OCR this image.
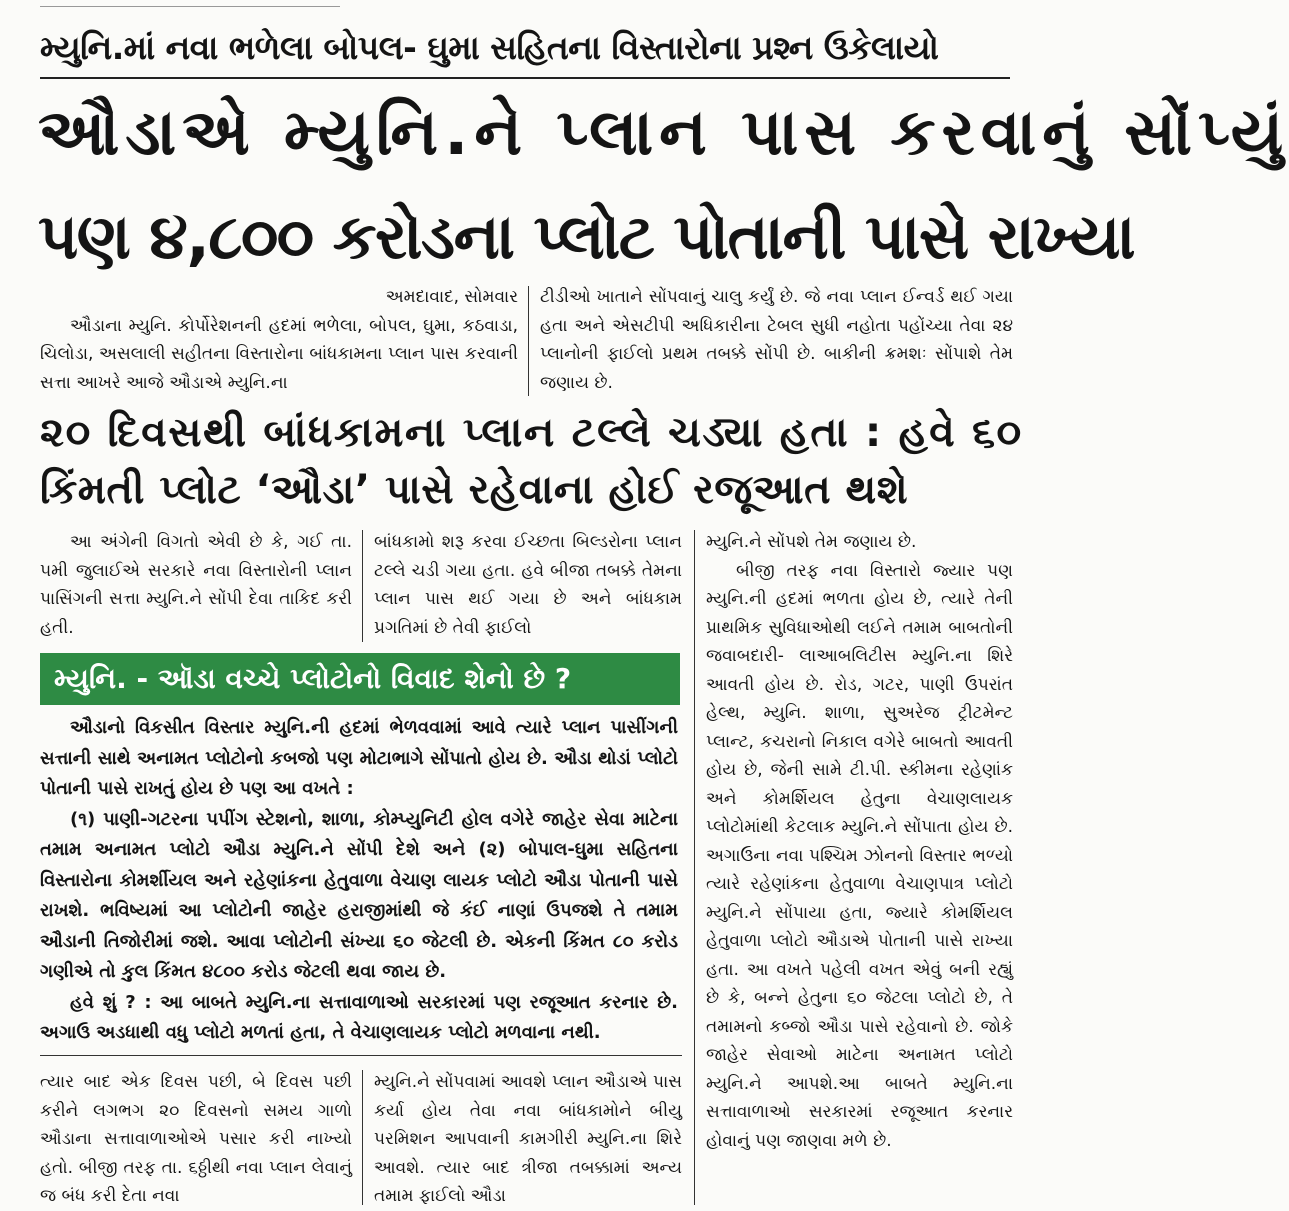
મ્યુનિ.માં નવા ભળેલા બોપલ- ઘુમા સહિતના વિસ્તારોના પ્રશ્ન ઉકેલાયો
ઔડાએ મ્યુનિ.ને પ્લાન પાસ કરવાનું સોંપ્યું
પણ ૪,૮૦૦ કરોડના પ્લોટ પોતાની પાસે રાખ્યા

અમદાવાદ, સોમવાર

ઔડાના મ્યુનિ. કોર્પોરેશનની હદમાં ભળેલા, બોપલ, ઘુમા, કઠવાડા, ચિલોડા, અસલાલી સહીતના વિસ્તારોના બાંધકામના પ્લાન પાસ કરવાની સત્તા આખરે આજે ઔડાએ મ્યુનિ.ના

ટીડીઓ ખાતાને સોંપવાનું ચાલુ કર્યું છે. જે નવા પ્લાન ઈન્વર્ડ થઈ ગયા હતા અને એસટીપી અધિકારીના ટેબલ સુધી નહોતા પહોંચ્યા તેવા ૨૪ પ્લાનોની ફાઈલો પ્રથમ તબક્કે સોંપી છે. બાકીની ક્રમશઃ સોંપાશે તેમ જણાય છે.

૨૦ દિવસથી બાંધકામના પ્લાન ટલ્લે ચડ્યા હતા : હવે ૬૦
કિંમતી પ્લોટ ‘ઔડા’ પાસે રહેવાના હોઈ રજૂઆત થશે

આ અંગેની વિગતો એવી છે કે, ગઈ તા. ૫મી જુલાઈએ સરકારે નવા વિસ્તારોની પ્લાન પાસિંગની સત્તા મ્યુનિ.ને સોંપી દેવા તાકિદ કરી હતી.

બાંધકામો શરૂ કરવા ઈચ્છતા બિલ્ડરોના પ્લાન ટલ્લે ચડી ગયા હતા. હવે બીજા તબક્કે તેમના પ્લાન પાસ થઈ ગયા છે અને બાંધકામ પ્રગતિમાં છે તેવી ફાઈલો

મ્યુનિ.ને સોંપશે તેમ જણાય છે.

બીજી તરફ નવા વિસ્તારો જ્યાર પણ મ્યુનિ.ની હદમાં ભળતા હોય છે, ત્યારે તેની પ્રાથમિક સુવિધાઓથી લઈને તમામ બાબતોની જવાબદારી- લાઆબલિટીસ મ્યુનિ.ના શિરે આવતી હોય છે. રોડ, ગટર, પાણી ઉપરાંત હેલ્થ, મ્યુનિ. શાળા, સુઅરેજ ટ્રીટમેન્ટ પ્લાન્ટ, કચરાનો નિકાલ વગેરે બાબતો આવતી હોય છે, જેની સામે ટી.પી. સ્કીમના રહેણાંક અને કોમર્શિયલ હેતુના વેચાણલાયક પ્લોટોમાંથી કેટલાક મ્યુનિ.ને સોંપાતા હોય છે. અગાઉના નવા પશ્ચિમ ઝોનનો વિસ્તાર ભળ્યો ત્યારે રહેણાંકના હેતુવાળા વેચાણપાત્ર પ્લોટો મ્યુનિ.ને સોંપાયા હતા, જ્યારે કોમર્શિયલ હેતુવાળા પ્લોટો ઔડાએ પોતાની પાસે રાખ્યા હતા. આ વખતે પહેલી વખત એવું બની રહ્યું છે કે, બન્ને હેતુના ૬૦ જેટલા પ્લોટો છે, તે તમામનો કબ્જો ઔડા પાસે રહેવાનો છે. જોકે જાહેર સેવાઓ માટેના અનામત પ્લોટો મ્યુનિ.ને આપશે.આ બાબતે મ્યુનિ.ના સત્તાવાળાઓ સરકારમાં રજૂઆત કરનાર હોવાનું પણ જાણવા મળે છે.

મ્યુનિ. - ઑડા વચ્ચે પ્લોટોનો વિવાદ શેનો છે ?

ઔડાનો વિકસીત વિસ્તાર મ્યુનિ.ની હદમાં ભેળવવામાં આવે ત્યારે પ્લાન પાસીંગની સત્તાની સાથે અનામત પ્લોટોનો કબજો પણ મોટાભાગે સોંપાતો હોય છે. ઔડા થોડાં પ્લોટો પોતાની પાસે રાખતું હોય છે પણ આ વખતે :

(૧) પાણી-ગટરના પપીંગ સ્ટેશનો, શાળા, કોમ્પ્યુનિટી હોલ વગેરે જાહેર સેવા માટેના તમામ અનામત પ્લોટો ઔડા મ્યુનિ.ને સોંપી દેશે અને (૨) બોપાલ-ઘુમા સહિતના વિસ્તારોના કોમર્શીયલ અને રહેણાંકના હેતુવાળા વેચાણ લાયક પ્લોટો ઔડા પોતાની પાસે રાખશે. ભવિષ્યમાં આ પ્લોટોની જાહેર હરાજીમાંથી જે કંઈ નાણાં ઉપજશે તે તમામ ઔડાની તિજોરીમાં જશે. આવા પ્લોટોની સંખ્યા ૬૦ જેટલી છે. એકની કિંમત ૮૦ કરોડ ગણીએ તો કુલ કિંમત ૪૮૦૦ કરોડ જેટલી થવા જાય છે.

હવે શું ? : આ બાબતે મ્યુનિ.ના સત્તાવાળાઓ સરકારમાં પણ રજૂઆત કરનાર છે. અગાઉ અડધાથી વધુ પ્લોટો મળતાં હતા, તે વેચાણલાયક પ્લોટો મળવાના નથી.

ત્યાર બાદ એક દિવસ પછી, બે દિવસ પછી કરીને લગભગ ૨૦ દિવસનો સમય ગાળો ઔડાના સત્તાવાળાઓએ પસાર કરી નાખ્યો હતો. બીજી તરફ તા. ૬ઠ્ઠીથી નવા પ્લાન લેવાનું જ બંધ કરી દેતા નવા

મ્યુનિ.ને સોંપવામાં આવશે પ્લાન ઔડાએ પાસ કર્યા હોય તેવા નવા બાંધકામોને બીયુ પરમિશન આપવાની કામગીરી મ્યુનિ.ના શિરે આવશે. ત્યાર બાદ ત્રીજા તબક્કામાં અન્ય તમામ ફાઈલો ઔડા
